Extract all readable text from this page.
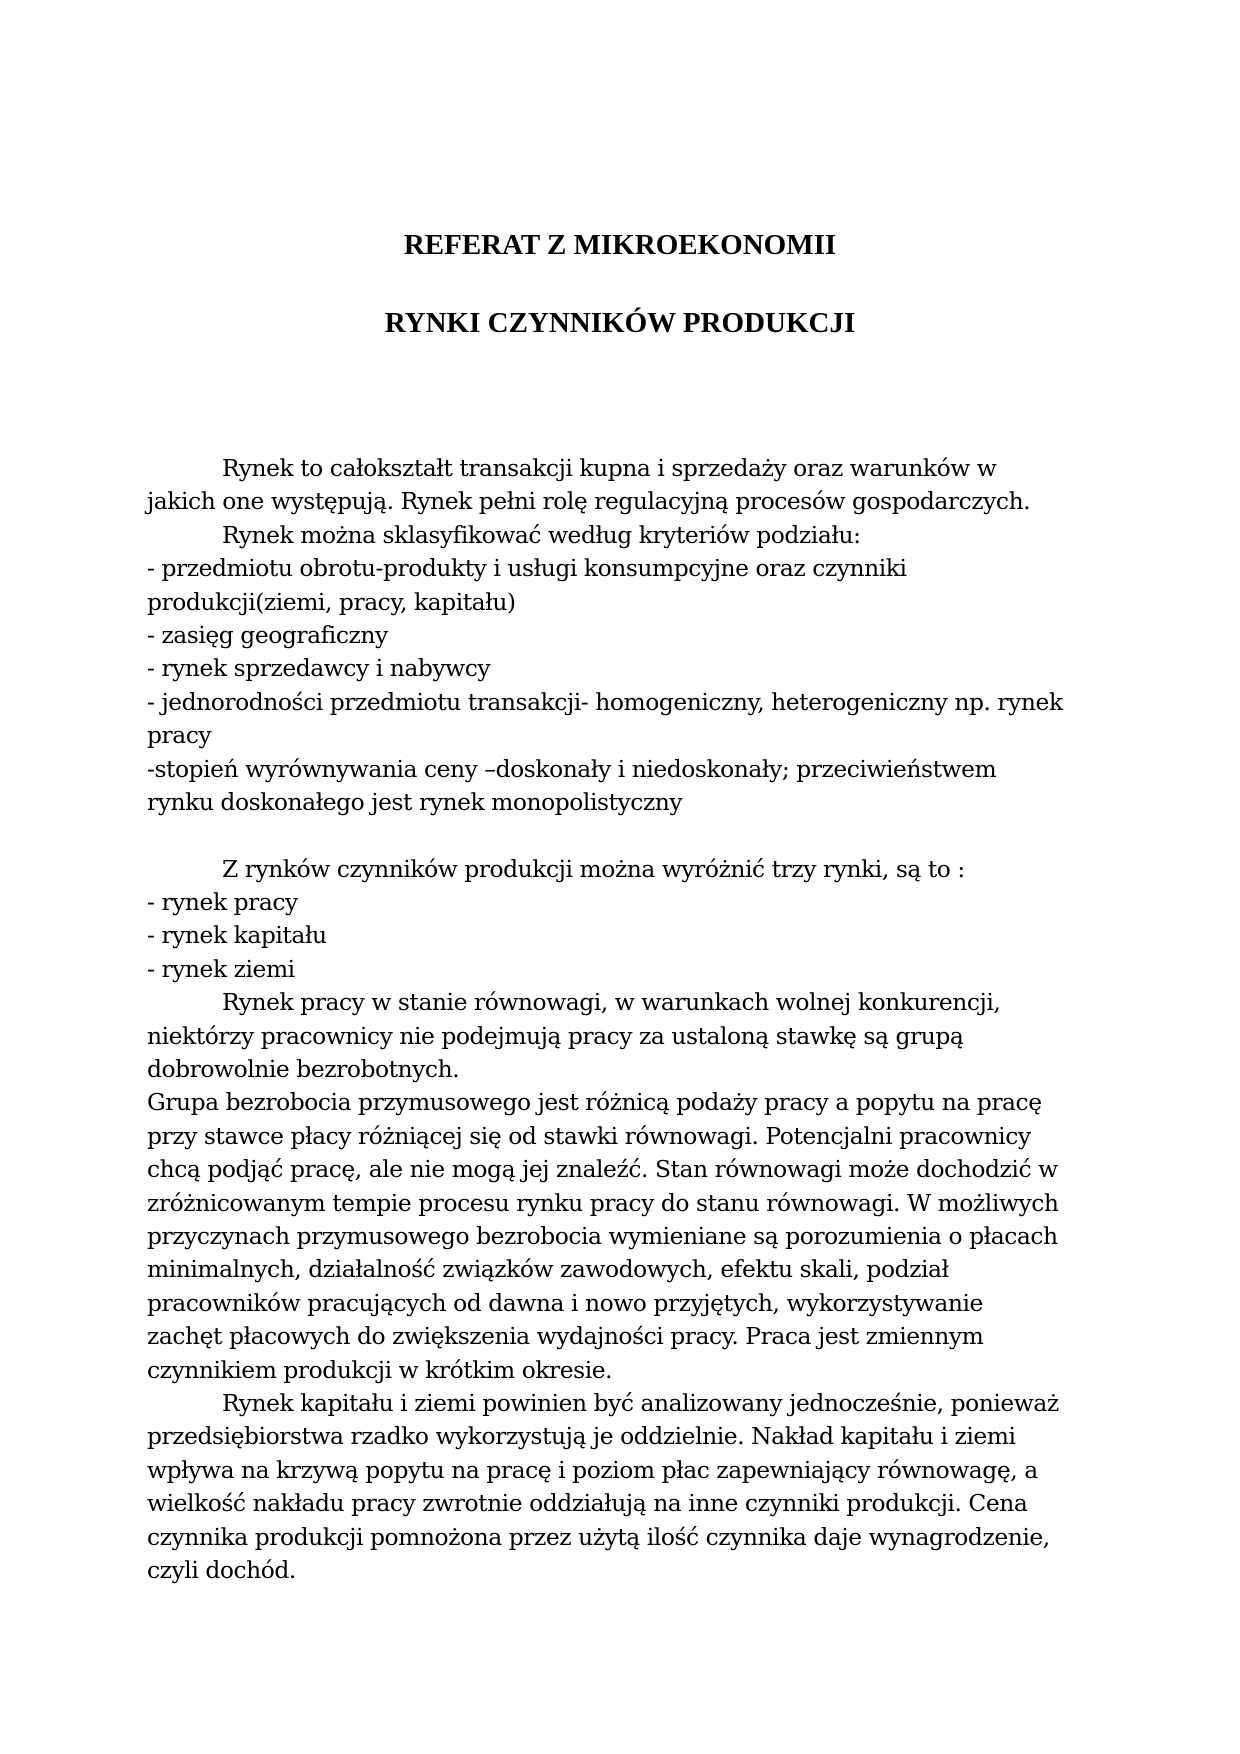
REFERAT Z MIKROEKONOMII
RYNKI CZYNNIKÓW PRODUKCJI
Rynek to całokształt transakcji kupna i sprzedaży oraz warunków w
jakich one występują. Rynek pełni rolę regulacyjną procesów gospodarczych.
Rynek można sklasyfikować według kryteriów podziału:
- przedmiotu obrotu-produkty i usługi konsumpcyjne oraz czynniki
produkcji(ziemi, pracy, kapitału)
- zasięg geograficzny
- rynek sprzedawcy i nabywcy
- jednorodności przedmiotu transakcji- homogeniczny, heterogeniczny np. rynek
pracy
-stopień wyrównywania ceny –doskonały i niedoskonały; przeciwieństwem
rynku doskonałego jest rynek monopolistyczny
Z rynków czynników produkcji można wyróżnić trzy rynki, są to :
- rynek pracy
- rynek kapitału
- rynek ziemi
Rynek pracy w stanie równowagi, w warunkach wolnej konkurencji,
niektórzy pracownicy nie podejmują pracy za ustaloną stawkę są grupą
dobrowolnie bezrobotnych.
Grupa bezrobocia przymusowego jest różnicą podaży pracy a popytu na pracę
przy stawce płacy różniącej się od stawki równowagi. Potencjalni pracownicy
chcą podjąć pracę, ale nie mogą jej znaleźć. Stan równowagi może dochodzić w
zróżnicowanym tempie procesu rynku pracy do stanu równowagi. W możliwych
przyczynach przymusowego bezrobocia wymieniane są porozumienia o płacach
minimalnych, działalność związków zawodowych, efektu skali, podział
pracowników pracujących od dawna i nowo przyjętych, wykorzystywanie
zachęt płacowych do zwiększenia wydajności pracy. Praca jest zmiennym
czynnikiem produkcji w krótkim okresie.
Rynek kapitału i ziemi powinien być analizowany jednocześnie, ponieważ
przedsiębiorstwa rzadko wykorzystują je oddzielnie. Nakład kapitału i ziemi
wpływa na krzywą popytu na pracę i poziom płac zapewniający równowagę, a
wielkość nakładu pracy zwrotnie oddziałują na inne czynniki produkcji. Cena
czynnika produkcji pomnożona przez użytą ilość czynnika daje wynagrodzenie,
czyli dochód.
